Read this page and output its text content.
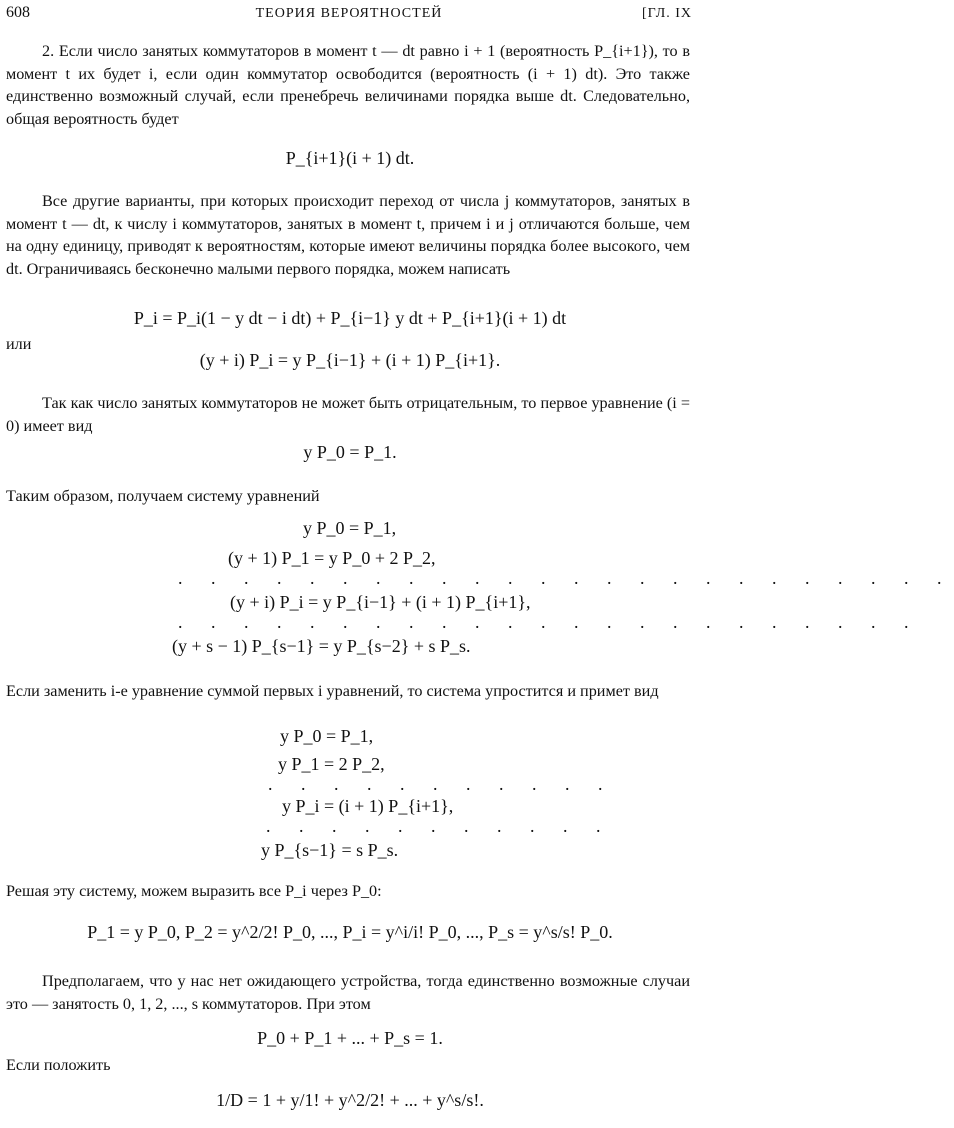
608	ТЕОРИЯ ВЕРОЯТНОСТЕЙ	[ГЛ. IX

2. Если число занятых коммутаторов в момент t — dt равно i + 1 (вероятность P_{i+1}), то в момент t их будет i, если один коммутатор освободится (вероятность (i + 1) dt). Это также единственно возможный случай, если пренебречь величинами порядка выше dt. Следовательно, общая вероятность будет

P_{i+1}(i + 1) dt.

Все другие варианты, при которых происходит переход от числа j коммутаторов, занятых в момент t — dt, к числу i коммутаторов, занятых в момент t, причем i и j отличаются больше, чем на одну единицу, приводят к вероятностям, которые имеют величины порядка более высокого, чем dt. Ограничиваясь бесконечно малыми первого порядка, можем написать

P_i = P_i(1 − y dt − i dt) + P_{i−1} y dt + P_{i+1}(i + 1) dt

или

(y + i) P_i = y P_{i−1} + (i + 1) P_{i+1}.

Так как число занятых коммутаторов не может быть отрицательным, то первое уравнение (i = 0) имеет вид

y P_0 = P_1.

Таким образом, получаем систему уравнений

y P_0 = P_1,

(y + 1) P_1 = y P_0 + 2 P_2,

. . . . . . . . . . . . . . . . . . . . . . . .

(y + i) P_i = y P_{i−1} + (i + 1) P_{i+1},

. . . . . . . . . . . . . . . . . . . . . . .

(y + s − 1) P_{s−1} = y P_{s−2} + s P_s.

Если заменить i-е уравнение суммой первых i уравнений, то система упростится и примет вид

y P_0 = P_1,

y P_1 = 2 P_2,

. . . . . . . . . . .

y P_i = (i + 1) P_{i+1},

. . . . . . . . . . .

y P_{s−1} = s P_s.

Решая эту систему, можем выразить все P_i через P_0:

P_1 = y P_0, P_2 = y^2/2! P_0, ..., P_i = y^i/i! P_0, ..., P_s = y^s/s! P_0.

Предполагаем, что у нас нет ожидающего устройства, тогда единственно возможные случаи это — занятость 0, 1, 2, ..., s коммутаторов. При этом

P_0 + P_1 + ... + P_s = 1.

Если положить

1/D = 1 + y/1! + y^2/2! + ... + y^s/s!.
